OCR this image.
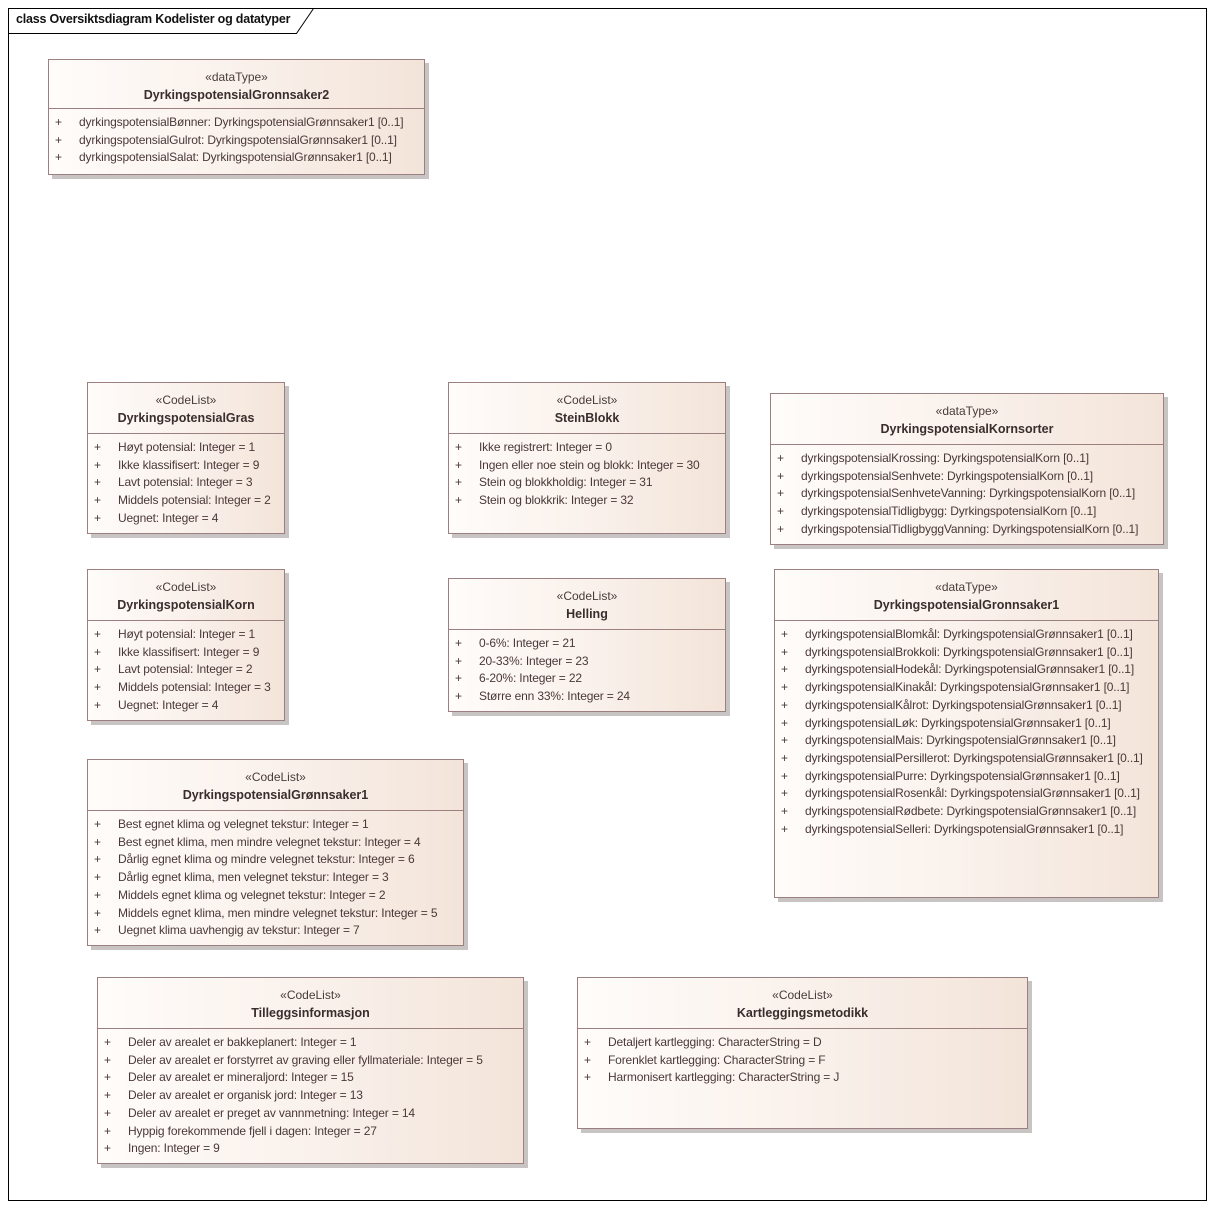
class Oversiktsdiagram Kodelister og datatyper
«dataType»
DyrkingspotensialGronnsaker2
+	dyrkingspotensialBønner: DyrkingspotensialGrønnsaker1 [0..1]
+	dyrkingspotensialGulrot: DyrkingspotensialGrønnsaker1 [0..1]
+	dyrkingspotensialSalat: DyrkingspotensialGrønnsaker1 [0..1]
«CodeList»
DyrkingspotensialGras
+	Høyt potensial: Integer = 1
+	Ikke klassifisert: Integer = 9
+	Lavt potensial: Integer = 3
+	Middels potensial: Integer = 2
+	Uegnet: Integer = 4
«CodeList»
SteinBlokk
+	Ikke registrert: Integer = 0
+	Ingen eller noe stein og blokk: Integer = 30
+	Stein og blokkholdig: Integer = 31
+	Stein og blokkrik: Integer = 32
«dataType»
DyrkingspotensialKornsorter
+	dyrkingspotensialKrossing: DyrkingspotensialKorn [0..1]
+	dyrkingspotensialSenhvete: DyrkingspotensialKorn [0..1]
+	dyrkingspotensialSenhveteVanning: DyrkingspotensialKorn [0..1]
+	dyrkingspotensialTidligbygg: DyrkingspotensialKorn [0..1]
+	dyrkingspotensialTidligbyggVanning: DyrkingspotensialKorn [0..1]
«CodeList»
DyrkingspotensialKorn
+	Høyt potensial: Integer = 1
+	Ikke klassifisert: Integer = 9
+	Lavt potensial: Integer = 2
+	Middels potensial: Integer = 3
+	Uegnet: Integer = 4
«CodeList»
Helling
+	0-6%: Integer = 21
+	20-33%: Integer = 23
+	6-20%: Integer = 22
+	Større enn 33%: Integer = 24
«dataType»
DyrkingspotensialGronnsaker1
+	dyrkingspotensialBlomkål: DyrkingspotensialGrønnsaker1 [0..1]
+	dyrkingspotensialBrokkoli: DyrkingspotensialGrønnsaker1 [0..1]
+	dyrkingspotensialHodekål: DyrkingspotensialGrønnsaker1 [0..1]
+	dyrkingspotensialKinakål: DyrkingspotensialGrønnsaker1 [0..1]
+	dyrkingspotensialKålrot: DyrkingspotensialGrønnsaker1 [0..1]
+	dyrkingspotensialLøk: DyrkingspotensialGrønnsaker1 [0..1]
+	dyrkingspotensialMais: DyrkingspotensialGrønnsaker1 [0..1]
+	dyrkingspotensialPersillerot: DyrkingspotensialGrønnsaker1 [0..1]
+	dyrkingspotensialPurre: DyrkingspotensialGrønnsaker1 [0..1]
+	dyrkingspotensialRosenkål: DyrkingspotensialGrønnsaker1 [0..1]
+	dyrkingspotensialRødbete: DyrkingspotensialGrønnsaker1 [0..1]
+	dyrkingspotensialSelleri: DyrkingspotensialGrønnsaker1 [0..1]
«CodeList»
DyrkingspotensialGrønnsaker1
+	Best egnet klima og velegnet tekstur: Integer = 1
+	Best egnet klima, men mindre velegnet tekstur: Integer = 4
+	Dårlig egnet klima og mindre velegnet tekstur: Integer = 6
+	Dårlig egnet klima, men velegnet tekstur: Integer = 3
+	Middels egnet klima og velegnet tekstur: Integer = 2
+	Middels egnet klima, men mindre velegnet tekstur: Integer = 5
+	Uegnet klima uavhengig av tekstur: Integer = 7
«CodeList»
Tilleggsinformasjon
+	Deler av arealet er bakkeplanert: Integer = 1
+	Deler av arealet er forstyrret av graving eller fyllmateriale: Integer = 5
+	Deler av arealet er mineraljord: Integer = 15
+	Deler av arealet er organisk jord: Integer = 13
+	Deler av arealet er preget av vannmetning: Integer = 14
+	Hyppig forekommende fjell i dagen: Integer = 27
+	Ingen: Integer = 9
«CodeList»
Kartleggingsmetodikk
+	Detaljert kartlegging: CharacterString = D
+	Forenklet kartlegging: CharacterString = F
+	Harmonisert kartlegging: CharacterString = J
